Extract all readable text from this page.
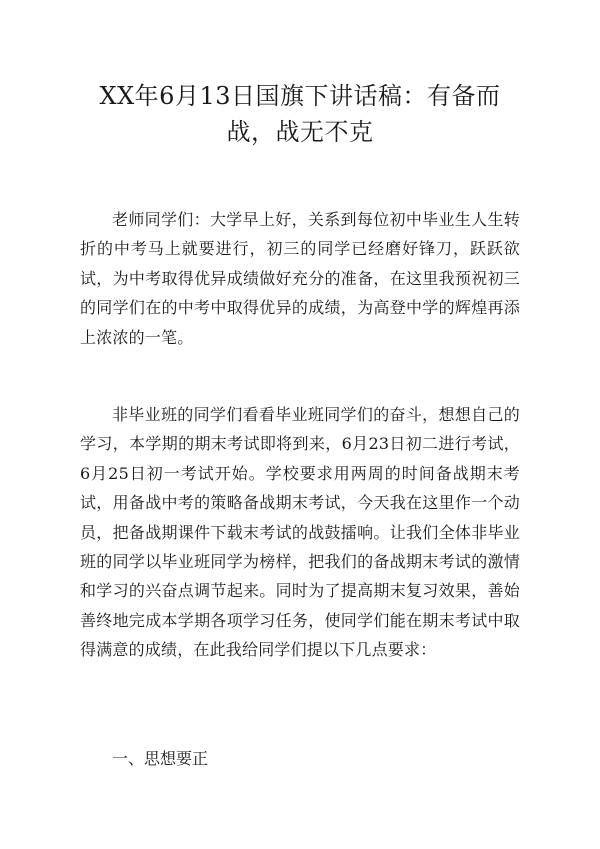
XX年6月13日国旗下讲话稿：有备而战，战无不克

老师同学们：大学早上好，关系到每位初中毕业生人生转折的中考马上就要进行，初三的同学已经磨好锋刀，跃跃欲试，为中考取得优异成绩做好充分的准备，在这里我预祝初三的同学们在的中考中取得优异的成绩，为高登中学的辉煌再添上浓浓的一笔。

非毕业班的同学们看看毕业班同学们的奋斗，想想自己的学习，本学期的期末考试即将到来，6月23日初二进行考试，6月25日初一考试开始。学校要求用两周的时间备战期末考试，用备战中考的策略备战期末考试，今天我在这里作一个动员，把备战期课件下载末考试的战鼓擂响。让我们全体非毕业班的同学以毕业班同学为榜样，把我们的备战期末考试的激情和学习的兴奋点调节起来。同时为了提高期末复习效果，善始善终地完成本学期各项学习任务，使同学们能在期末考试中取得满意的成绩，在此我给同学们提以下几点要求：

一、思想要正
